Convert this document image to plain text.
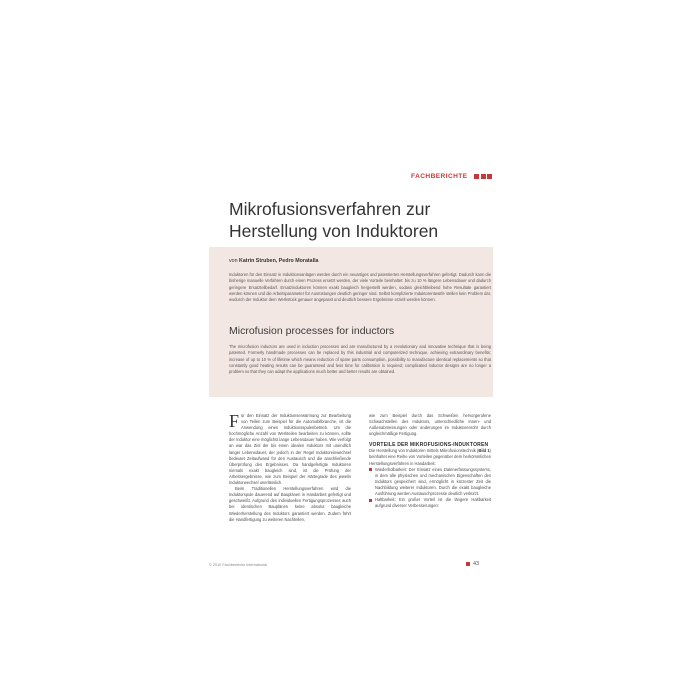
FACHBERICHTE
Mikrofusionsverfahren zur
Herstellung von Induktoren
von Katrin Struben, Pedro Moratalla

Induktoren für den Einsatz in Induktionsanlagen werden durch ein neuartiges und patentiertes Herstellungsverfahren gefertigt. Dadurch kann die bisherige manuelle Verfahren durch einen Prozess ersetzt werden, der viele Vorteile beinhaltet: bis zu 10 % längere Lebensdauer und dadurch geringere Ersatzteilbedarf. Ersatzinduktoren können exakt baugleich hergestellt werden, sodass gleichbleibend hohe Resultate garantiert werden können und die Arbeitsparameter für Ausrüstungen deutlich geringer sind. Selbst komplizierte Induktorentwürfe stellen kein Problem dar, wodurch der Induktor dem Werkstück genauer angepasst und deutlich bessere Ergebnisse erzielt werden können.

Microfusion processes for inductors

The microfusion inductors are used in induction processes and are manufactured by a revolutionary and innovative technique that is being patented. Formerly handmade processes can be replaced by this industrial and computerized technique, achieving extraordinary benefits: increase of up to 10 % of lifetime which means reduction of spare parts consumption, possibility to manufacture identical replacements so that constantly good heating results can be guaranteed and less time for calibration is required; complicated inductor designs are no longer a problem so that they can adapt the applications much better and better results are obtained.

Für den Einsatz der Induktionserwärmung zur Bearbeitung von Teilen zum Beispiel für die Automobilbranche, ist die Anwendung eines Induktionsspulenbetrieb. Um die hochmögliche Anzahl von Werkteilen bearbeiten zu können, sollte der Induktor eine möglichst lange Lebensdauer haben. Wie verfolgt an war das Ziel der bis einen idealen Induktors mit unendlich langer Lebensdauer, der jedoch in der Regel Induktoreinwechsel bedeutet Zeitaufwand für den Austausch und die anschließende Überprüfung des Ergebnisses. Da handgefertigte Induktoren niemals exakt baugleich sind, ist die Prüfung der Arbeitsergebnisse, wie zum Beispiel der Härtegrade des jeweils Induktorwechsel unerlässlich.

Beim Traditionellen Herstellungsverfahren wird die Induktorspule dauerend auf Bauplänen in Handarbeit gefertigt und geschweißt. Aufgrund des individuellen Fertigungsprozesses auch bei identischen Bauplänen keine absolut baugleiche Wiederherstellung des Induktors garantiert werden. Zudem führt die Handfertigung zu weiteren Nachteilen,

wie zum Beispiel durch das Schweißen hervorgerufene Schwachstellen des Induktors, unterschiedliche Innen- und Außenabmessungen oder anderungen im Induktorenrohr durch ungleichmäßige Fertigung.

VORTEILE DER MIKROFUSIONS-INDUKTOREN

Die Herstellung von Induktoren mittels Mikrofusionstechnik (Bild 1) beinhaltet eine Reihe von Vorteilen gegenüber dem herkömmlichen Herstellungsverfahren in Handarbeit:

Wiederholbarkeit: Der Einsatz eines Datenerfassungssystems, in dem alle physischen und mechanischen Eigenschaften des Induktors gespeichert sind, ermöglicht in kürzester Zeit die Nachbildung weiterer Induktoren. Durch die exakt baugleiche Ausführung werden Austauschprozesse deutlich verkürzt.
Haltbarkeit: Ein großer Vorteil ist die längere Haltbarkeit aufgrund diverser Verbesserungen:
© 2010 Fachbereiche international	43
